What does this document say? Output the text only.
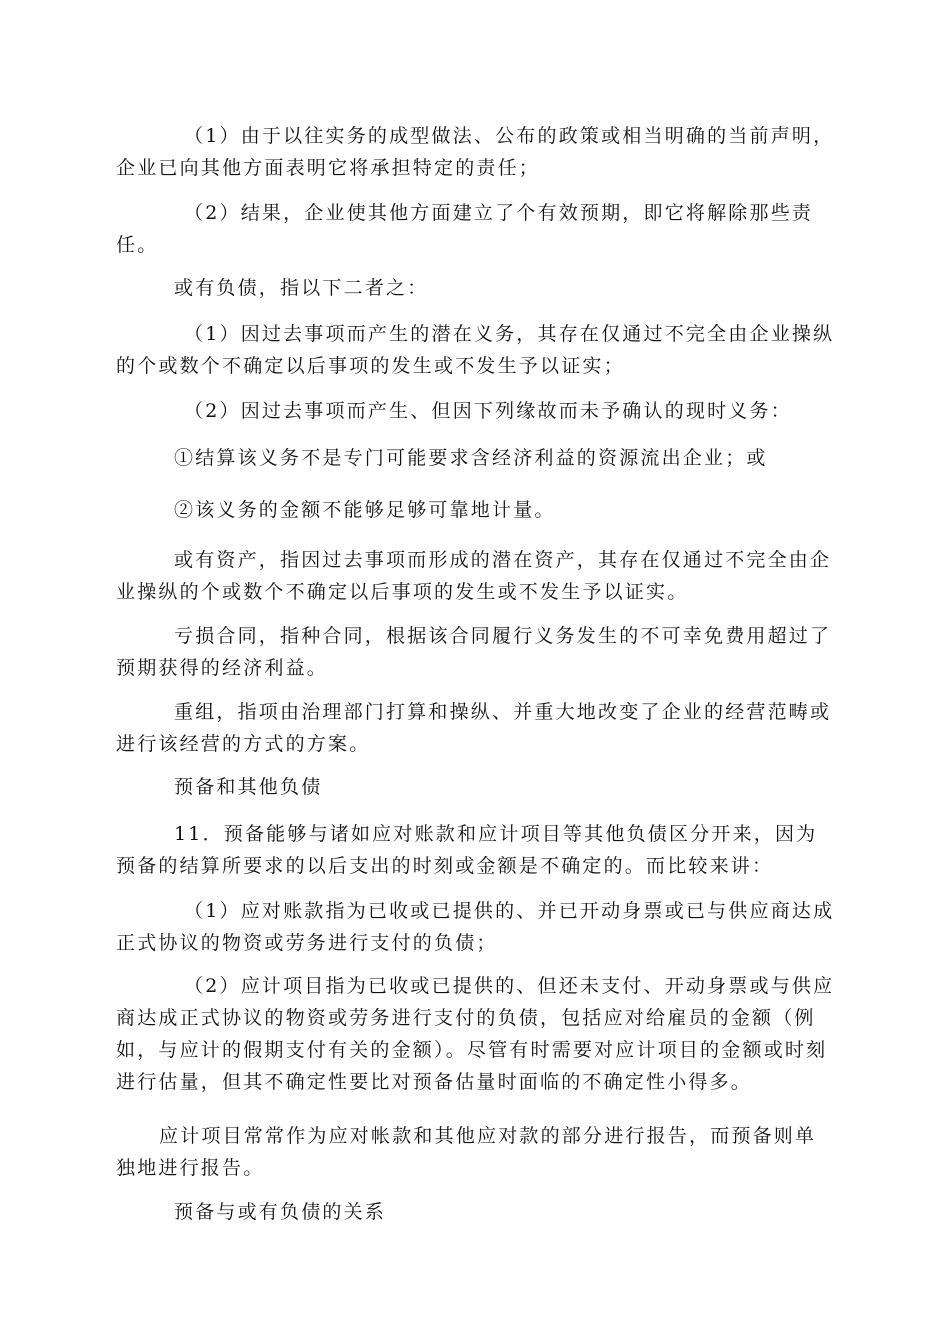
（1）由于以往实务的成型做法、公布的政策或相当明确的当前声明，企业已向其他方面表明它将承担特定的责任；

（2）结果，企业使其他方面建立了个有效预期，即它将解除那些责任。

或有负债，指以下二者之：

（1）因过去事项而产生的潜在义务，其存在仅通过不完全由企业操纵的个或数个不确定以后事项的发生或不发生予以证实；

（2）因过去事项而产生、但因下列缘故而未予确认的现时义务：

①结算该义务不是专门可能要求含经济利益的资源流出企业；或

②该义务的金额不能够足够可靠地计量。

或有资产，指因过去事项而形成的潜在资产，其存在仅通过不完全由企业操纵的个或数个不确定以后事项的发生或不发生予以证实。

亏损合同，指种合同，根据该合同履行义务发生的不可幸免费用超过了预期获得的经济利益。

重组，指项由治理部门打算和操纵、并重大地改变了企业的经营范畴或进行该经营的方式的方案。

预备和其他负债

11．预备能够与诸如应对账款和应计项目等其他负债区分开来，因为预备的结算所要求的以后支出的时刻或金额是不确定的。而比较来讲：

（1）应对账款指为已收或已提供的、并已开动身票或已与供应商达成正式协议的物资或劳务进行支付的负债；

（2）应计项目指为已收或已提供的、但还未支付、开动身票或与供应商达成正式协议的物资或劳务进行支付的负债，包括应对给雇员的金额（例如，与应计的假期支付有关的金额）。尽管有时需要对应计项目的金额或时刻进行估量，但其不确定性要比对预备估量时面临的不确定性小得多。

应计项目常常作为应对帐款和其他应对款的部分进行报告，而预备则单独地进行报告。

预备与或有负债的关系
